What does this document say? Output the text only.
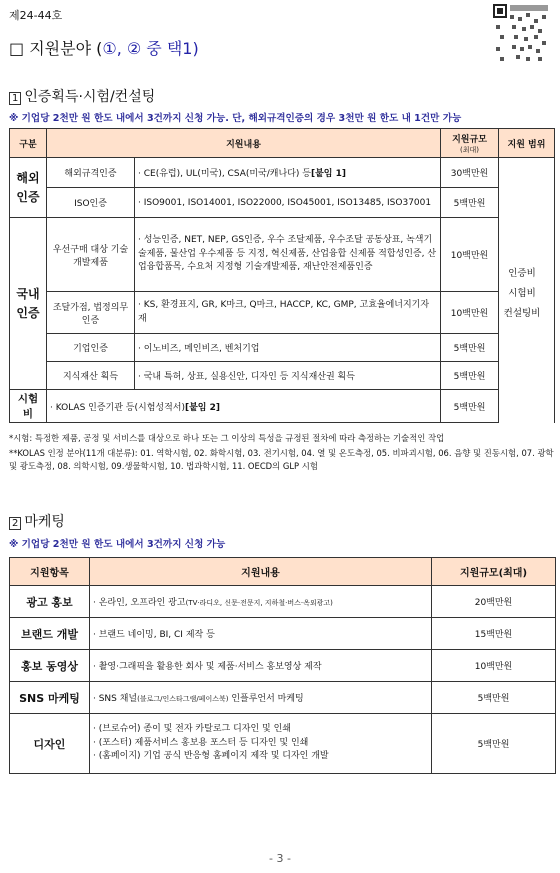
제24-44호
□ 지원분야 (①, ② 중 택1)
1 인증획득·시험/컨설팅
※ 기업당 2천만 원 한도 내에서 3건까지 신청 가능. 단, 해외규격인증의 경우 3천만 원 한도 내 1건만 가능
구분	지원내용		지원규모
(최대)	지원 범위
해외인증	해외규격인증	· CE(유럽), UL(미국), CSA(미국/캐나다) 등[붙임 1]	30백만원	
	ISO인증	· ISO9001, ISO14001, ISO22000, ISO45001, ISO13485, ISO37001	5백만원	
국내인증	우선구매 대상 기술개발제품	· 성능인증, NET, NEP, GS인증, 우수 조달제품, 우수조달 공동상표, 녹색기술제품, 물산업 우수제품 등 지정, 혁신제품, 산업융합 신제품 적합성인증, 산업융합품목, 수요처 지정형 기술개발제품, 재난안전제품인증	10백만원	
	조달가점, 법정의무인증	· KS, 환경표지, GR, K마크, Q마크, HACCP, KC, GMP, 고효율에너지기자재	10백만원	
	기업인증	· 이노비즈, 메인비즈, 벤처기업	5백만원	
	지식재산 획득	· 국내 특허, 상표, 실용신안, 디자인 등 지식재산권 획득	5백만원	
시험비	· KOLAS 인증기관 등(시험성적서)[붙임 2]		5백만원	
인증비 시험비 컨설팅비
*시험: 특정한 제품, 공정 및 서비스를 대상으로 하나 또는 그 이상의 특성을 규정된 절차에 따라 측정하는 기술적인 작업
**KOLAS 인정 분야(11개 대분류): 01. 역학시험, 02. 화학시험, 03. 전기시험, 04. 열 및 온도측정, 05. 비파괴시험, 06. 음향 및 진동시험, 07. 광학 및 광도측정, 08. 의학시험, 09.생물학시험, 10. 법과학시험, 11. OECD의 GLP 시험
2 마케팅
※ 기업당 2천만 원 한도 내에서 3건까지 신청 가능
지원항목	지원내용	지원규모(최대)
광고 홍보	· 온라인, 오프라인 광고(TV·라디오, 신문·전문지, 지하철·버스·옥외광고)	20백만원
브랜드 개발	· 브랜드 네이밍, BI, CI 제작 등	15백만원
홍보 동영상	· 촬영·그래픽을 활용한 회사 및 제품·서비스 홍보영상 제작	10백만원
SNS 마케팅	· SNS 채널(블로그/인스타그램/페이스북) 인플루언서 마케팅	5백만원
디자인	· (브로슈어) 종이 및 전자 카탈로그 디자인 및 인쇄
· (포스터) 제품서비스 홍보용 포스터 등 디자인 및 인쇄
· (홈페이지) 기업 공식 반응형 홈페이지 제작 및 디자인 개발	5백만원
- 3 -
